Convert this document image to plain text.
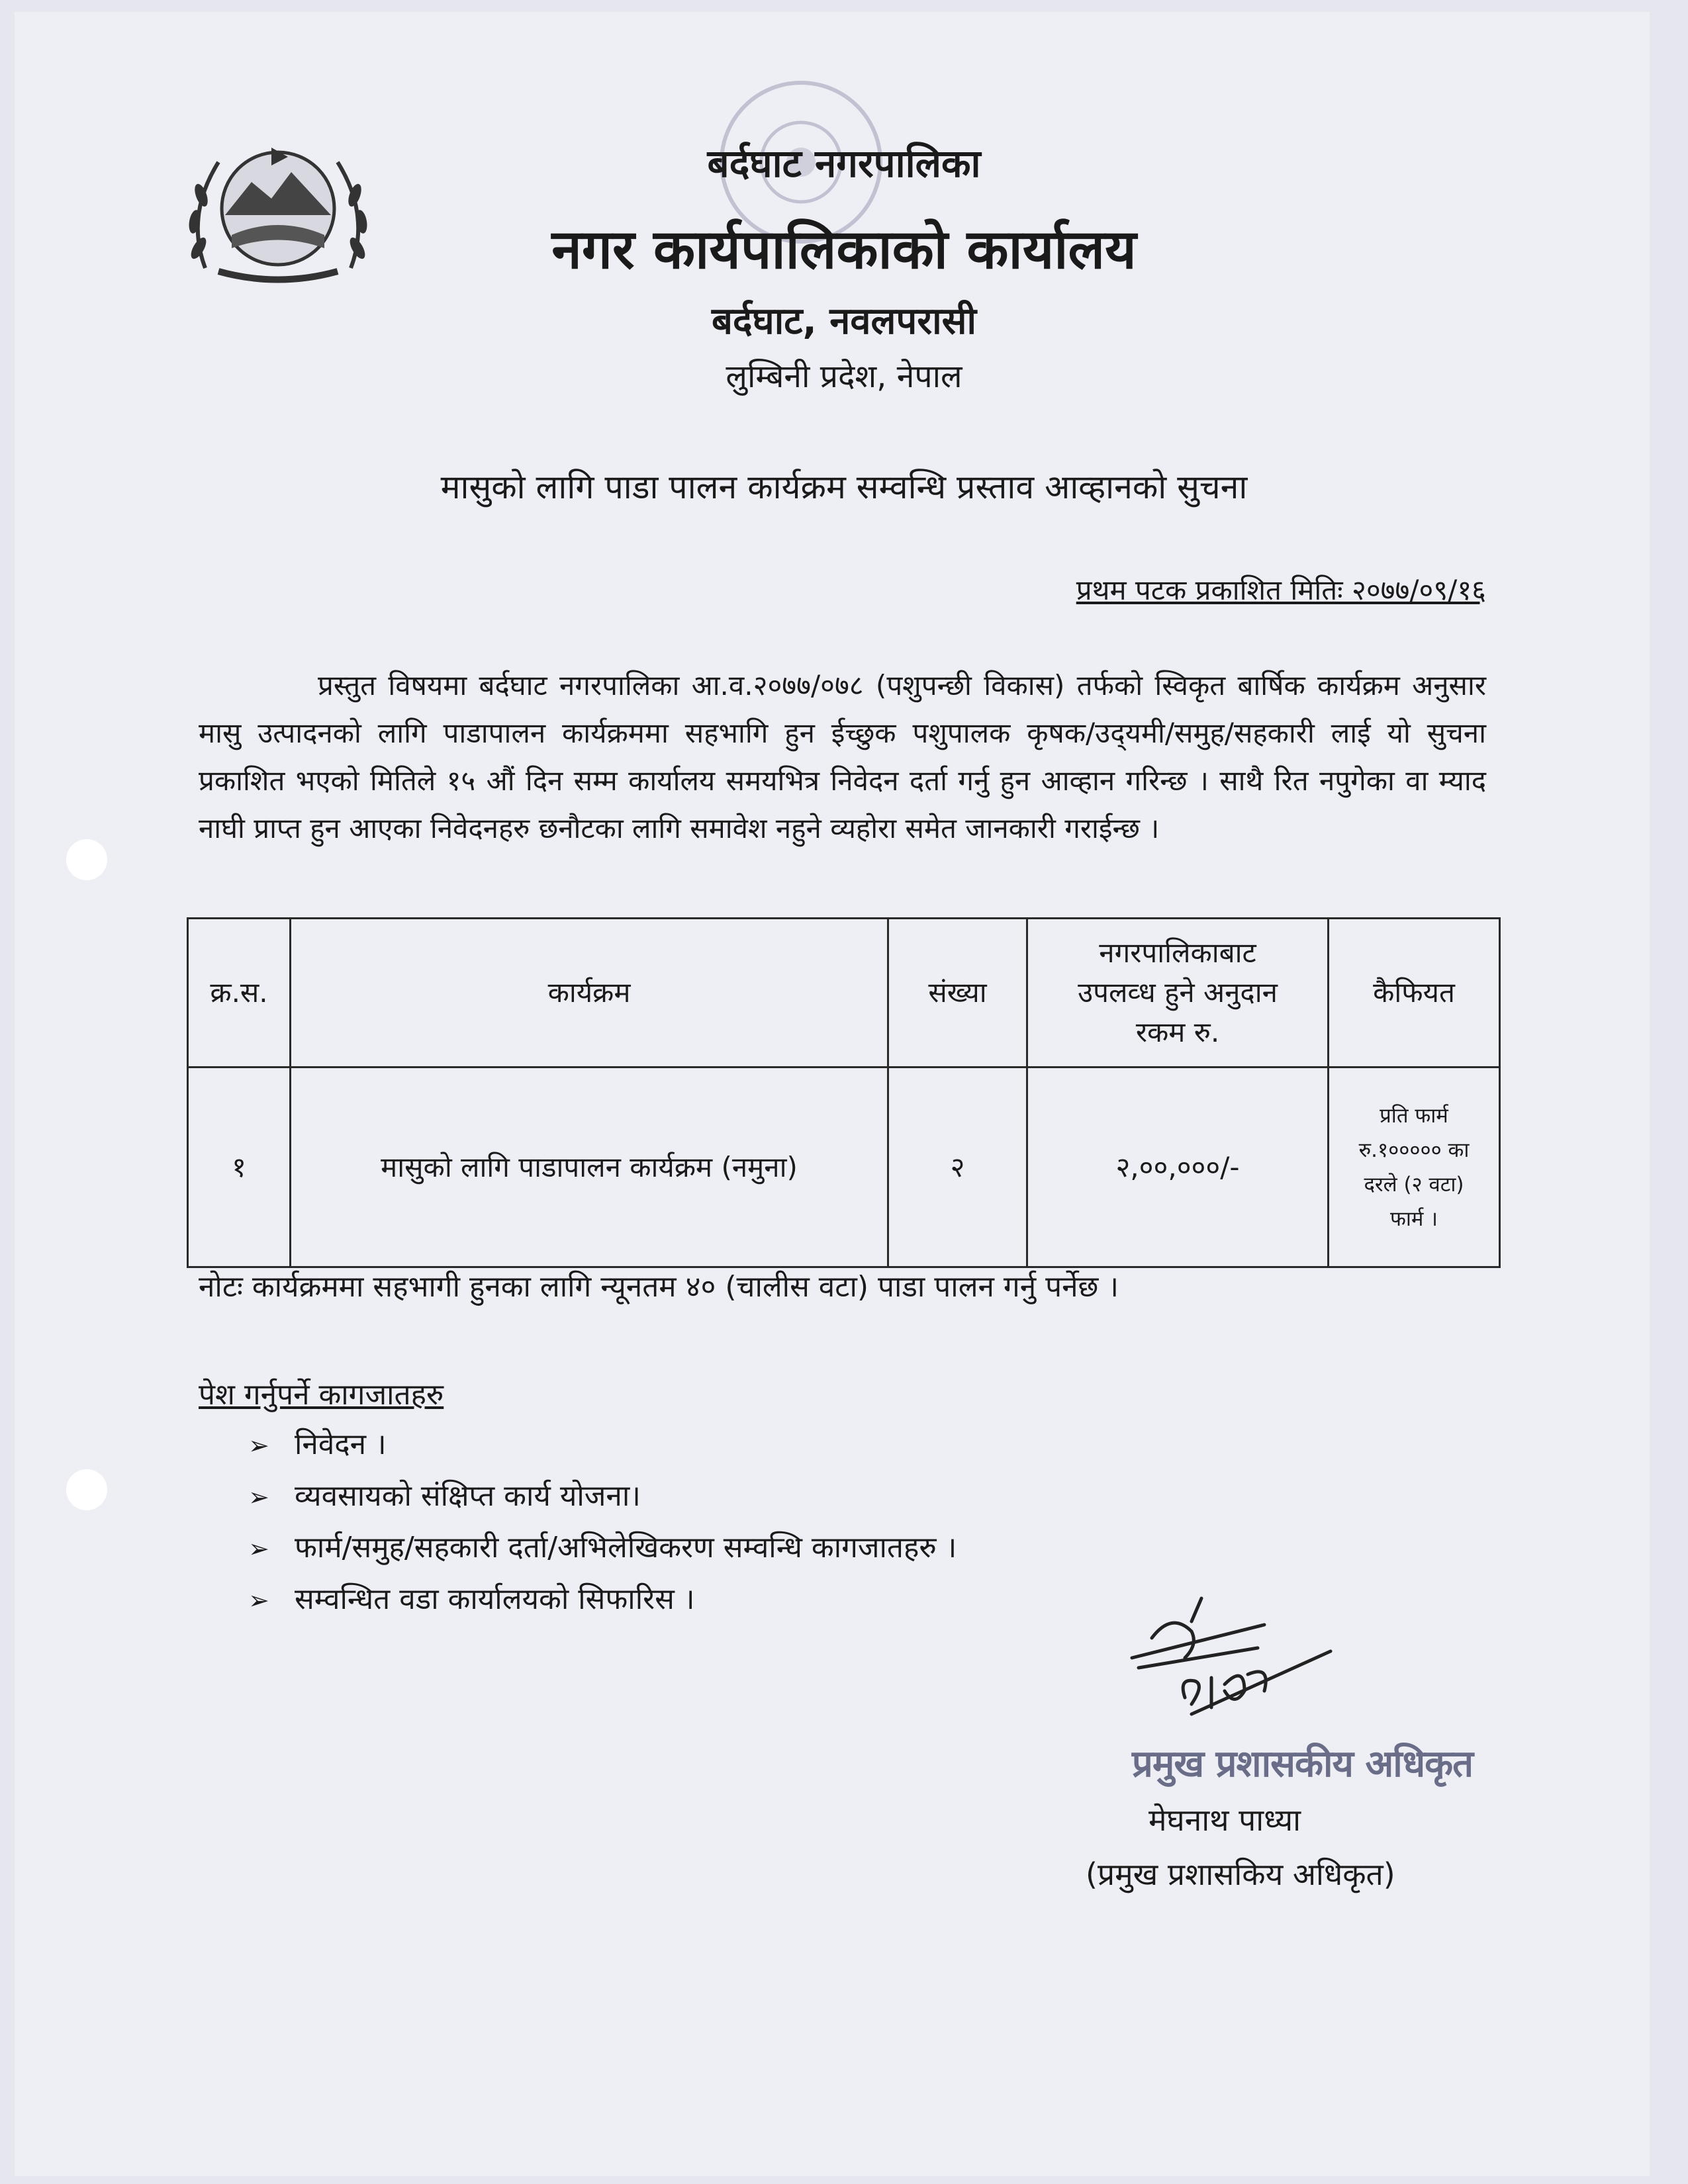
बर्दघाट नगरपालिका
नगर कार्यपालिकाको कार्यालय
बर्दघाट, नवलपरासी
लुम्बिनी प्रदेश, नेपाल
मासुको लागि पाडा पालन कार्यक्रम सम्वन्धि प्रस्ताव आव्हानको सुचना
प्रथम पटक प्रकाशित मितिः २०७७/०९/१६
प्रस्तुत विषयमा बर्दघाट नगरपालिका आ.व.२०७७/०७८ (पशुपन्छी विकास) तर्फको स्विकृत बार्षिक कार्यक्रम अनुसार मासु उत्पादनको लागि पाडापालन कार्यक्रममा सहभागि हुन ईच्छुक पशुपालक कृषक/उद्‌यमी/समुह/सहकारी लाई यो सुचना प्रकाशित भएको मितिले १५ औं दिन सम्म कार्यालय समयभित्र निवेदन दर्ता गर्नु हुन आव्हान गरिन्छ । साथै रित नपुगेका वा म्याद नाघी प्राप्त हुन आएका निवेदनहरु छनौटका लागि समावेश नहुने व्यहोरा समेत जानकारी गराईन्छ ।
क्र.स.	कार्यक्रम	संख्या	नगरपालिकाबाट
उपलव्ध हुने अनुदान
रकम रु.	कैफियत
१	मासुको लागि पाडापालन कार्यक्रम (नमुना)	२	२,००,०००/-	प्रति फार्म
रु.१००००० का
दरले (२ वटा)
फार्म ।
नोटः कार्यक्रममा सहभागी हुनका लागि न्यूनतम ४० (चालीस वटा) पाडा पालन गर्नु पर्नेछ ।
पेश गर्नुपर्ने कागजातहरु
➢ निवेदन ।
➢ व्यवसायको संक्षिप्त कार्य योजना।
➢ फार्म/समुह/सहकारी दर्ता/अभिलेखिकरण सम्वन्धि कागजातहरु ।
➢ सम्वन्धित वडा कार्यालयको सिफारिस ।
प्रमुख प्रशासकीय अधिकृत
मेघनाथ पाध्या
(प्रमुख प्रशासकिय अधिकृत)
